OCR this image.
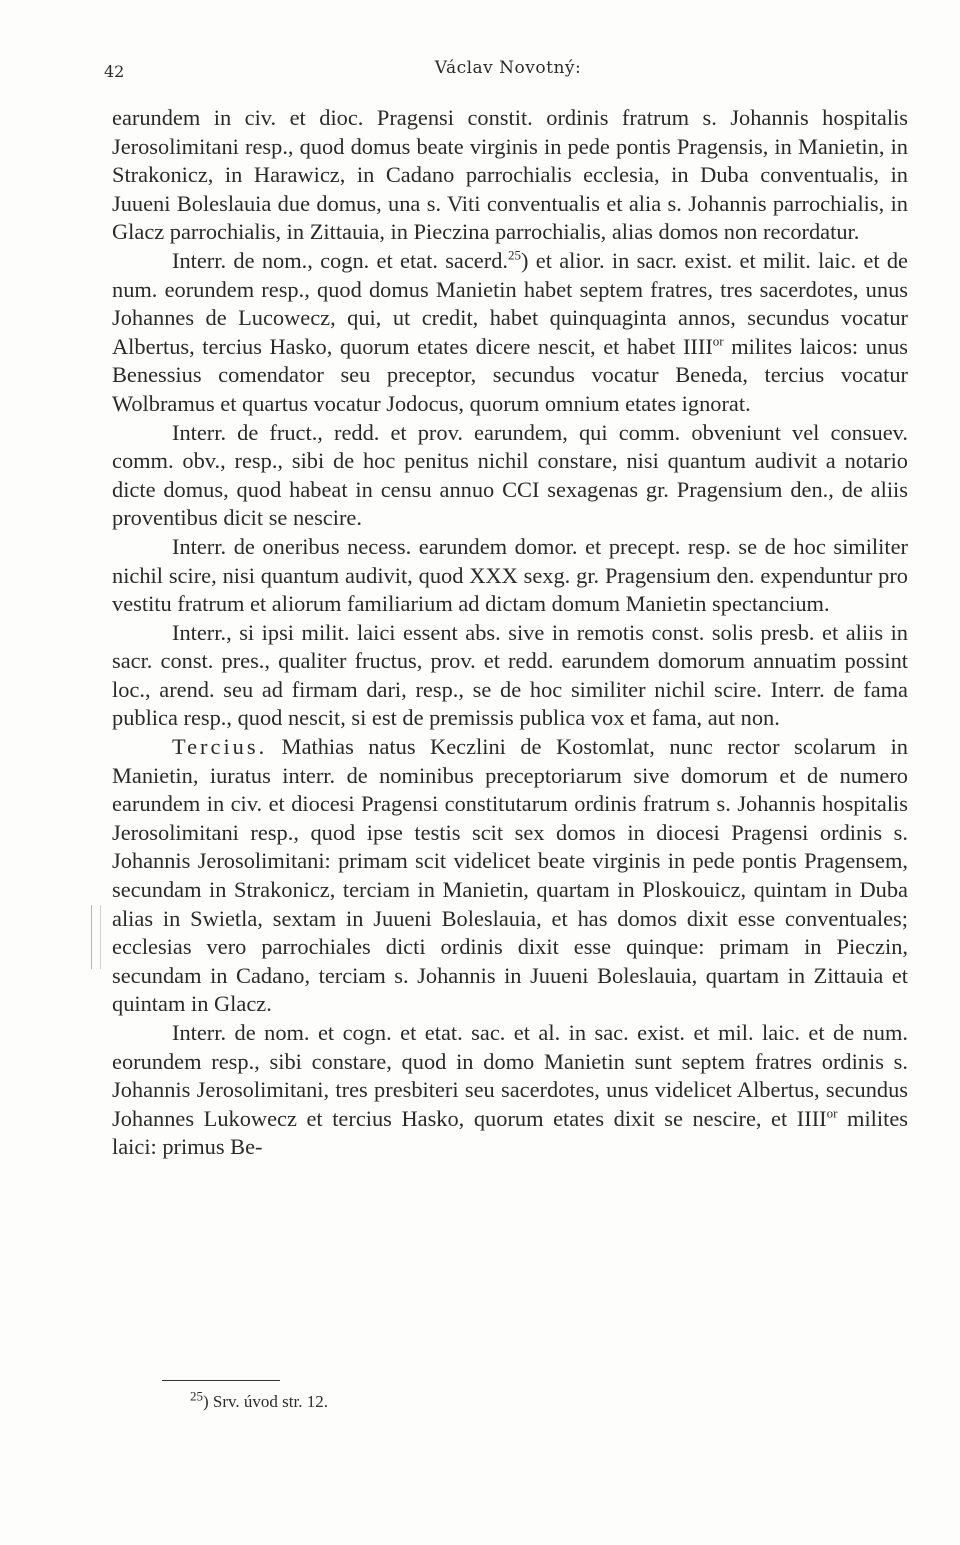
42	Václav Novotný:

earundem in civ. et dioc. Pragensi constit. ordinis fratrum s. Johannis hospitalis Jerosolimitani resp., quod domus beate virginis in pede pontis Pragensis, in Manietin, in Strakonicz, in Harawicz, in Cadano parrochialis ecclesia, in Duba conventualis, in Juueni Boleslauia due domus, una s. Viti conventualis et alia s. Johannis parrochialis, in Glacz parrochialis, in Zittauia, in Pieczina parrochialis, alias domos non recordatur.

Interr. de nom., cogn. et etat. sacerd.$^{25}$) et alior. in sacr. exist. et milit. laic. et de num. eorundem resp., quod domus Manietin habet septem fratres, tres sacerdotes, unus Johannes de Lucowecz, qui, ut credit, habet quinquaginta annos, secundus vocatur Albertus, tercius Hasko, quorum etates dicere nescit, et habet $IIII^{or}$ milites laicos: unus Benessius comendator seu preceptor, secundus vocatur Beneda, tercius vocatur Wolbramus et quartus vocatur Jodocus, quorum omnium etates ignorat.

Interr. de fruct., redd. et prov. earundem, qui comm. obveniunt vel consuev. comm. obv., resp., sibi de hoc penitus nichil constare, nisi quantum audivit a notario dicte domus, quod habeat in censu annuo CCI sexagenas gr. Pragensium den., de aliis proventibus dicit se nescire.

Interr. de oneribus necess. earundem domor. et precept. resp. se de hoc similiter nichil scire, nisi quantum audivit, quod XXX sexg. gr. Pragensium den. expenduntur pro vestitu fratrum et aliorum familiarium ad dictam domum Manietin spectancium.

Interr., si ipsi milit. laici essent abs. sive in remotis const. solis presb. et aliis in sacr. const. pres., qualiter fructus, prov. et redd. earundem domorum annuatim possint loc., arend. seu ad firmam dari, resp., se de hoc similiter nichil scire. Interr. de fama publica resp., quod nescit, si est de premissis publica vox et fama, aut non.

Tercius. Mathias natus Keczlini de Kostomlat, nunc rector scolarum in Manietin, iuratus interr. de nominibus preceptoriarum sive domorum et de numero earundem in civ. et diocesi Pragensi constitutarum ordinis fratrum s. Johannis hospitalis Jerosolimitani resp., quod ipse testis scit sex domos in diocesi Pragensi ordinis s. Johannis Jerosolimitani: primam scit videlicet beate virginis in pede pontis Pragensem, secundam in Strakonicz, terciam in Manietin, quartam in Ploskouicz, quintam in Duba alias in Swietla, sextam in Juueni Boleslauia, et has domos dixit esse conventuales; ecclesias vero parrochiales dicti ordinis dixit esse quinque: primam in Pieczin, secundam in Cadano, terciam s. Johannis in Juueni Boleslauia, quartam in Zittauia et quintam in Glacz.

Interr. de nom. et cogn. et etat. sac. et al. in sac. exist. et mil. laic. et de num. eorundem resp., sibi constare, quod in domo Manietin sunt septem fratres ordinis s. Johannis Jerosolimitani, tres presbiteri seu sacerdotes, unus videlicet Albertus, secundus Johannes Lukowecz et tercius Hasko, quorum etates dixit se nescire, et $IIII^{or}$ milites laici: primus Be-

$^{25}$) Srv. úvod str. 12.
